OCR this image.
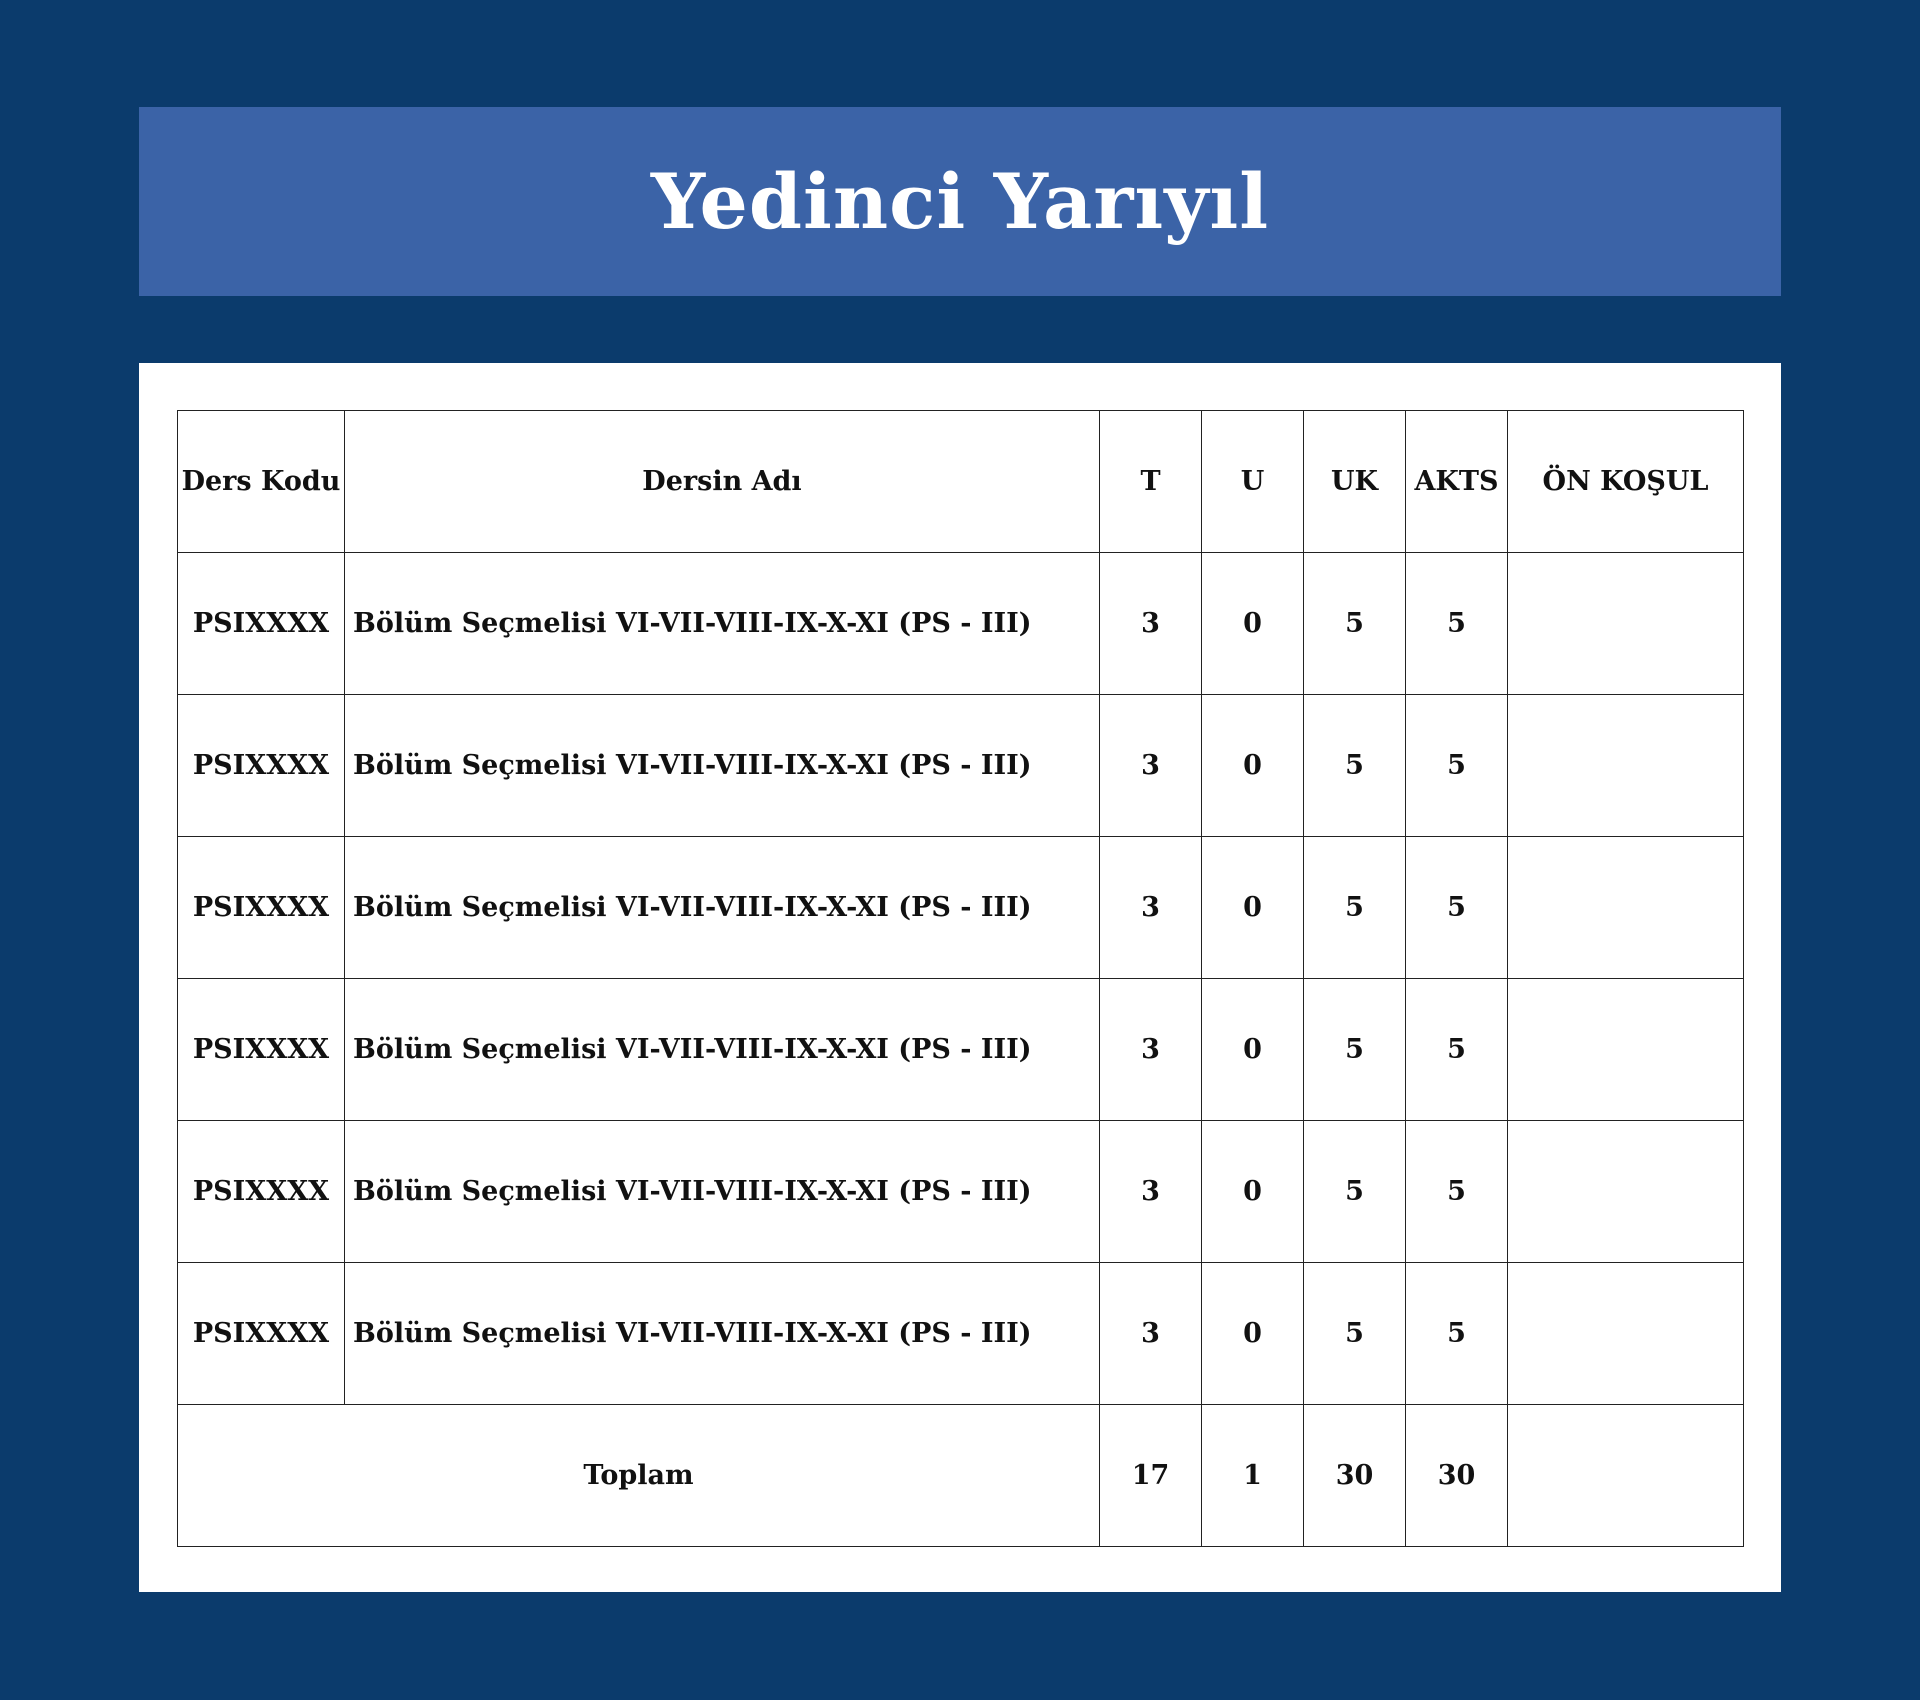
Yedinci Yarıyıl
Ders Kodu	Dersin Adı	T	U	UK	AKTS	ÖN KOŞUL
PSIXXXX	Bölüm Seçmelisi VI-VII-VIII-IX-X-XI (PS - III)	3	0	5	5	
PSIXXXX	Bölüm Seçmelisi VI-VII-VIII-IX-X-XI (PS - III)	3	0	5	5	
PSIXXXX	Bölüm Seçmelisi VI-VII-VIII-IX-X-XI (PS - III)	3	0	5	5	
PSIXXXX	Bölüm Seçmelisi VI-VII-VIII-IX-X-XI (PS - III)	3	0	5	5	
PSIXXXX	Bölüm Seçmelisi VI-VII-VIII-IX-X-XI (PS - III)	3	0	5	5	
PSIXXXX	Bölüm Seçmelisi VI-VII-VIII-IX-X-XI (PS - III)	3	0	5	5	
Toplam		17	1	30	30	
